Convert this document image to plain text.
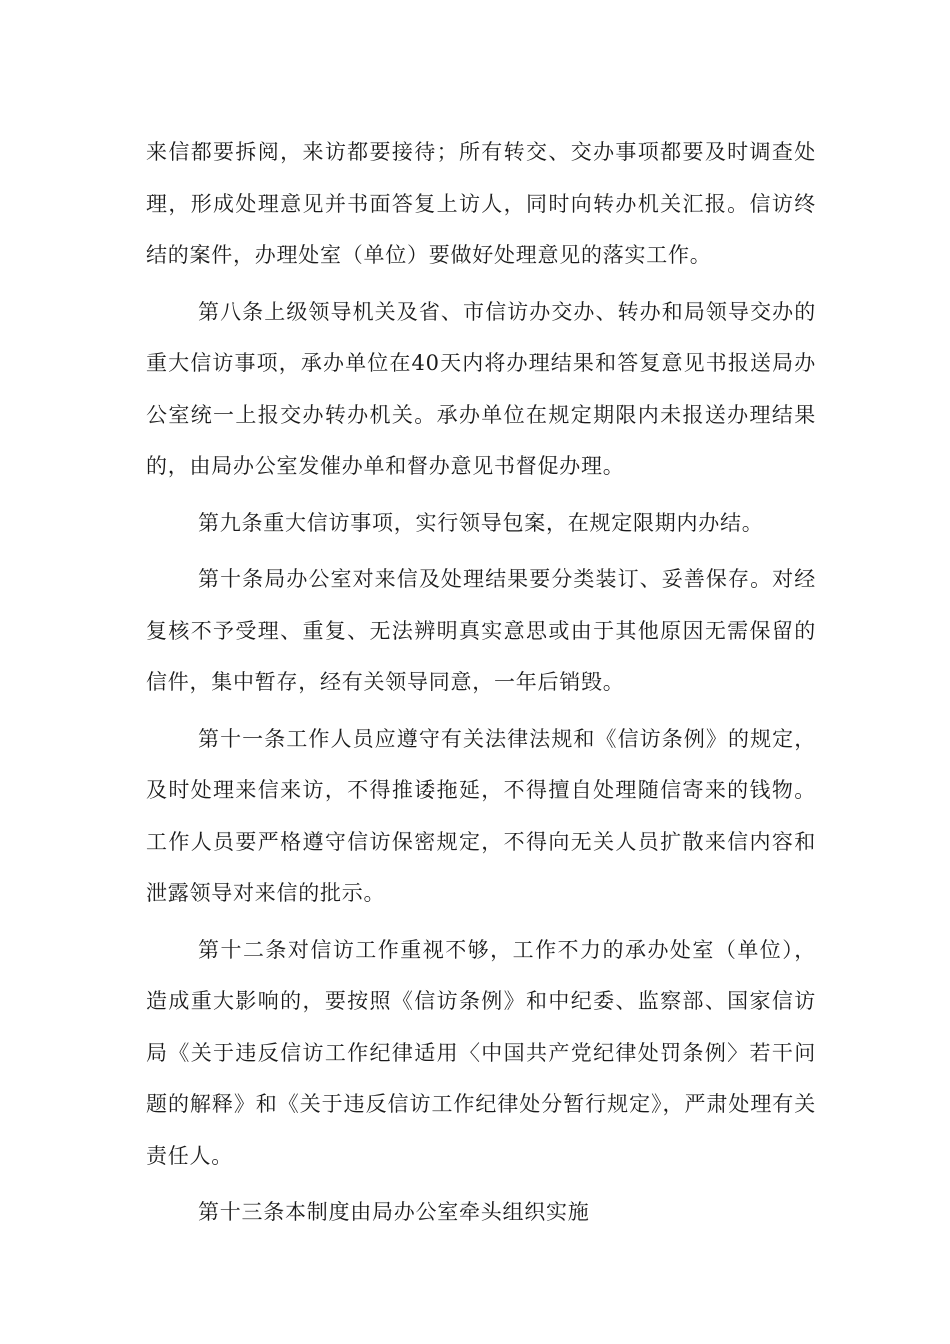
来信都要拆阅，来访都要接待；所有转交、交办事项都要及时调查处理，形成处理意见并书面答复上访人，同时向转办机关汇报。信访终结的案件，办理处室（单位）要做好处理意见的落实工作。

第八条上级领导机关及省、市信访办交办、转办和局领导交办的重大信访事项，承办单位在40天内将办理结果和答复意见书报送局办公室统一上报交办转办机关。承办单位在规定期限内未报送办理结果的，由局办公室发催办单和督办意见书督促办理。

第九条重大信访事项，实行领导包案，在规定限期内办结。

第十条局办公室对来信及处理结果要分类装订、妥善保存。对经复核不予受理、重复、无法辨明真实意思或由于其他原因无需保留的信件，集中暂存，经有关领导同意，一年后销毁。

第十一条工作人员应遵守有关法律法规和《信访条例》的规定，及时处理来信来访，不得推诿拖延，不得擅自处理随信寄来的钱物。工作人员要严格遵守信访保密规定，不得向无关人员扩散来信内容和泄露领导对来信的批示。

第十二条对信访工作重视不够，工作不力的承办处室（单位），造成重大影响的，要按照《信访条例》和中纪委、监察部、国家信访局《关于违反信访工作纪律适用〈中国共产党纪律处罚条例〉若干问题的解释》和《关于违反信访工作纪律处分暂行规定》，严肃处理有关责任人。

第十三条本制度由局办公室牵头组织实施
